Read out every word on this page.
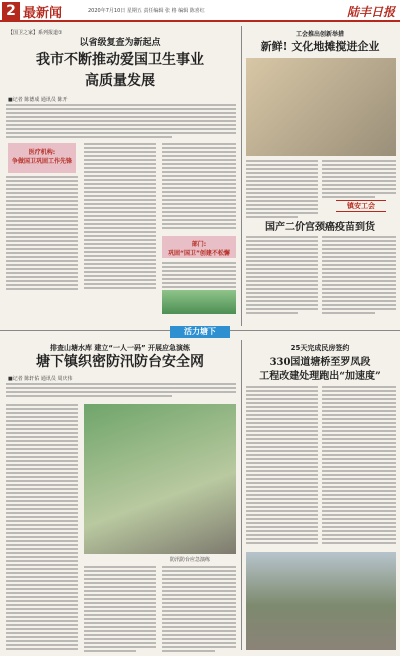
2 最新闻	2020年7月10日 星期五 责任编辑 张 格 编辑 陈喜红	陆丰日报
【国卫之家】系列报道①
以省级复查为新起点
我市不断推动爱国卫生事业
高质量发展
■记者 陈德成 通讯员 陈开
医疗机构:
争做国卫巩固工作先锋
部门:
巩固“国卫”创建不松懈
工会推出创新举措
新鲜! 文化地摊搅进企业
镇安工会
国产二价宫颈癌疫苗到货
活力塘下
排查山塘水库 建立“一人一码” 开展应急演练
塘下镇织密防汛防台安全网
■记者 陈轩佑 通讯员 周庆伟
防汛防台应急演练
25天完成民房签约
330国道塘桥至罗凤段
工程改建处理跑出“加速度”
